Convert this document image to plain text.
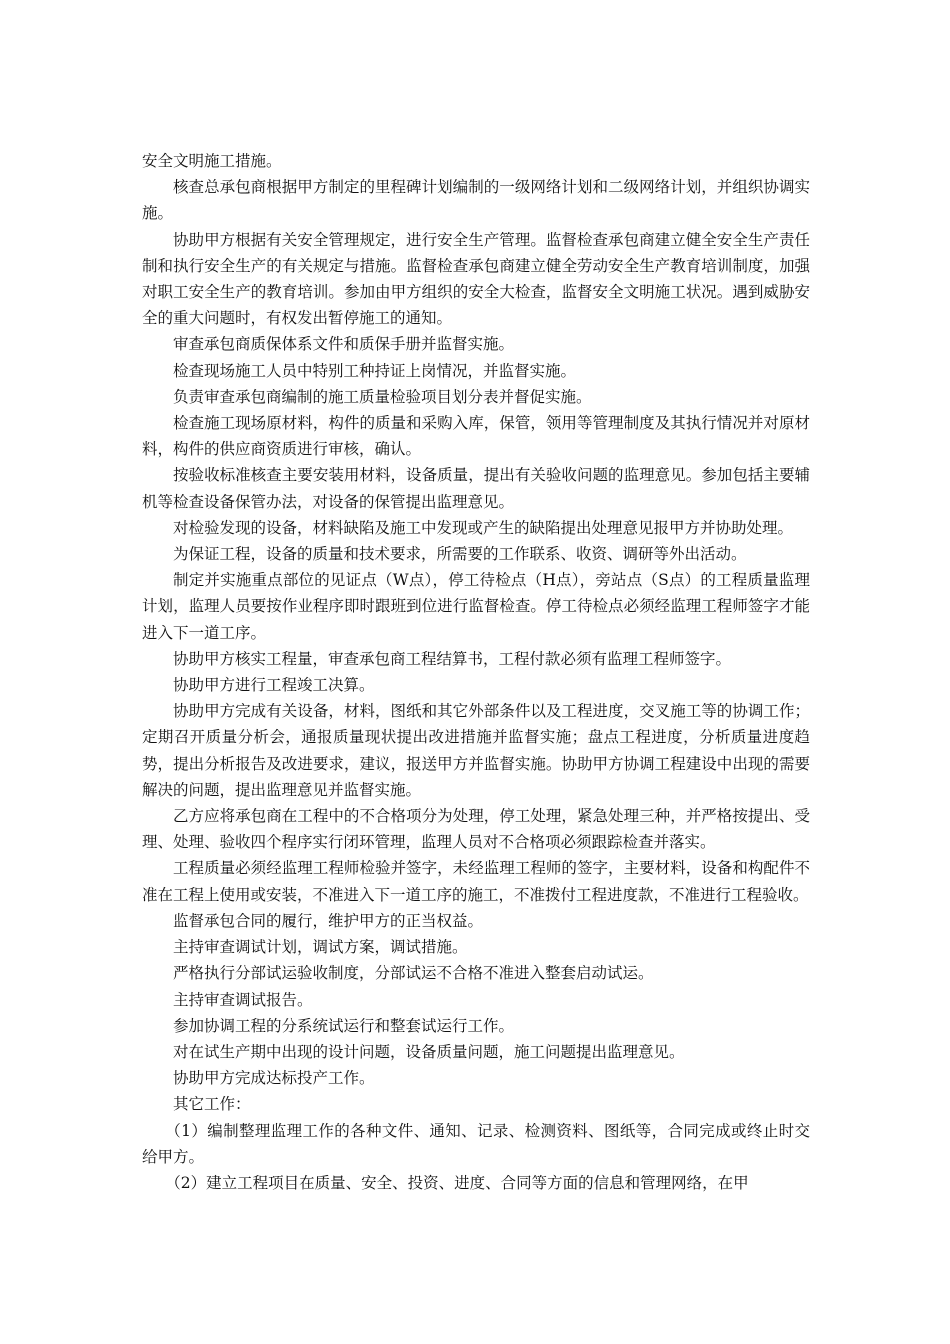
安全文明施工措施。

核查总承包商根据甲方制定的里程碑计划编制的一级网络计划和二级网络计划，并组织协调实施。

协助甲方根据有关安全管理规定，进行安全生产管理。监督检查承包商建立健全安全生产责任制和执行安全生产的有关规定与措施。监督检查承包商建立健全劳动安全生产教育培训制度，加强对职工安全生产的教育培训。参加由甲方组织的安全大检查，监督安全文明施工状况。遇到威胁安全的重大问题时，有权发出暂停施工的通知。

审查承包商质保体系文件和质保手册并监督实施。

检查现场施工人员中特别工种持证上岗情况，并监督实施。

负责审查承包商编制的施工质量检验项目划分表并督促实施。

检查施工现场原材料，构件的质量和采购入库，保管，领用等管理制度及其执行情况并对原材料，构件的供应商资质进行审核，确认。

按验收标准核查主要安装用材料，设备质量，提出有关验收问题的监理意见。参加包括主要辅机等检查设备保管办法，对设备的保管提出监理意见。

对检验发现的设备，材料缺陷及施工中发现或产生的缺陷提出处理意见报甲方并协助处理。

为保证工程，设备的质量和技术要求，所需要的工作联系、收资、调研等外出活动。

制定并实施重点部位的见证点（W点），停工待检点（H点），旁站点（S点）的工程质量监理计划，监理人员要按作业程序即时跟班到位进行监督检查。停工待检点必须经监理工程师签字才能进入下一道工序。

协助甲方核实工程量，审查承包商工程结算书，工程付款必须有监理工程师签字。

协助甲方进行工程竣工决算。

协助甲方完成有关设备，材料，图纸和其它外部条件以及工程进度，交叉施工等的协调工作；定期召开质量分析会，通报质量现状提出改进措施并监督实施；盘点工程进度，分析质量进度趋势，提出分析报告及改进要求，建议，报送甲方并监督实施。协助甲方协调工程建设中出现的需要解决的问题，提出监理意见并监督实施。

乙方应将承包商在工程中的不合格项分为处理，停工处理，紧急处理三种，并严格按提出、受理、处理、验收四个程序实行闭环管理，监理人员对不合格项必须跟踪检查并落实。

工程质量必须经监理工程师检验并签字，未经监理工程师的签字，主要材料，设备和构配件不准在工程上使用或安装，不准进入下一道工序的施工，不准拨付工程进度款，不准进行工程验收。

监督承包合同的履行，维护甲方的正当权益。

主持审查调试计划，调试方案，调试措施。

严格执行分部试运验收制度，分部试运不合格不准进入整套启动试运。

主持审查调试报告。

参加协调工程的分系统试运行和整套试运行工作。

对在试生产期中出现的设计问题，设备质量问题，施工问题提出监理意见。

协助甲方完成达标投产工作。

其它工作：

（1）编制整理监理工作的各种文件、通知、记录、检测资料、图纸等，合同完成或终止时交给甲方。

（2）建立工程项目在质量、安全、投资、进度、合同等方面的信息和管理网络，在甲
